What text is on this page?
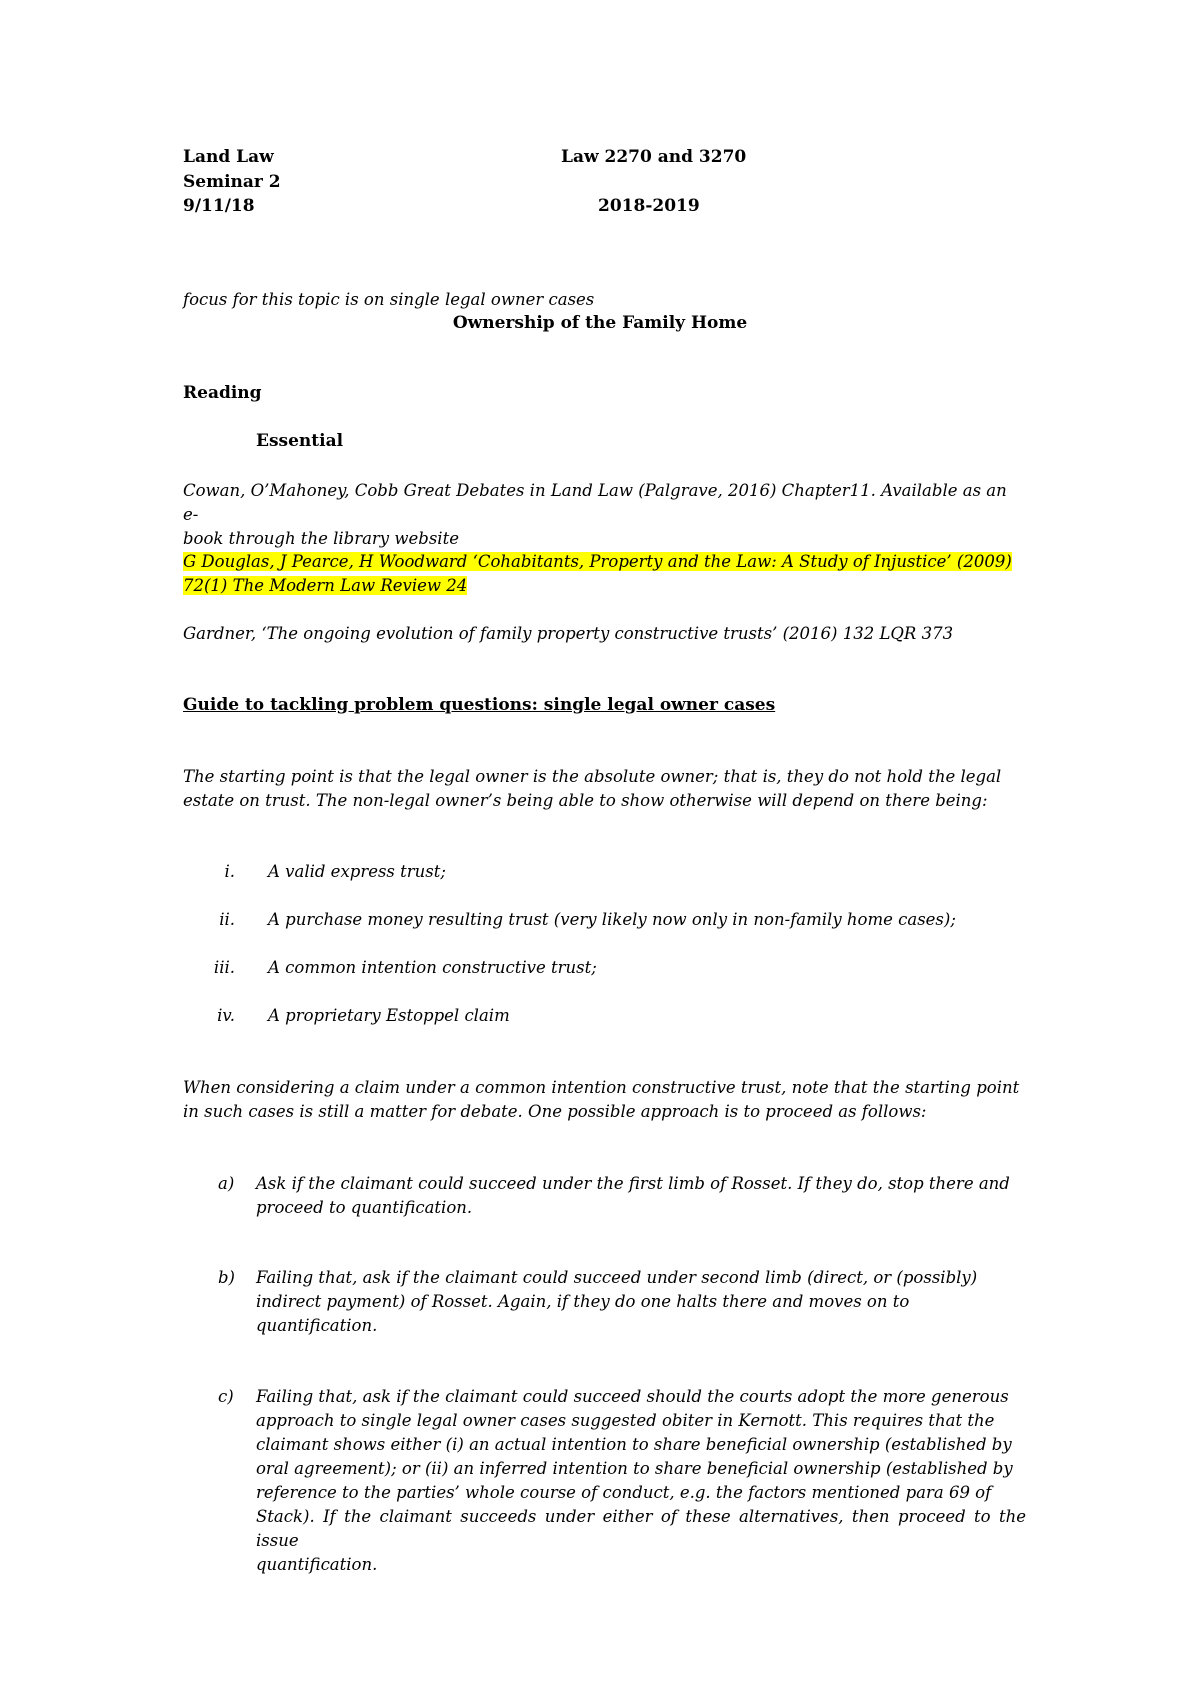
Land Law
Seminar 2
9/11/18
Law 2270 and 3270
2018-2019
focus for this topic is on single legal owner cases
Ownership of the Family Home
Reading
Essential
Cowan, O’Mahoney, Cobb Great Debates in Land Law (Palgrave, 2016) Chapter11. Available as an e-
book through the library website
G Douglas, J Pearce, H Woodward ‘Cohabitants, Property and the Law: A Study of Injustice’ (2009)
72(1) The Modern Law Review 24
Gardner, ‘The ongoing evolution of family property constructive trusts’ (2016) 132 LQR 373
Guide to tackling problem questions: single legal owner cases
The starting point is that the legal owner is the absolute owner; that is, they do not hold the legal
estate on trust. The non-legal owner’s being able to show otherwise will depend on there being:
i. A valid express trust;
ii. A purchase money resulting trust (very likely now only in non-family home cases);
iii. A common intention constructive trust;
iv. A proprietary Estoppel claim
When considering a claim under a common intention constructive trust, note that the starting point
in such cases is still a matter for debate. One possible approach is to proceed as follows:
a)	Ask if the claimant could succeed under the first limb of Rosset. If they do, stop there and
proceed to quantification.
b)	Failing that, ask if the claimant could succeed under second limb (direct, or (possibly)
indirect payment) of Rosset. Again, if they do one halts there and moves on to
quantification.
c)	Failing that, ask if the claimant could succeed should the courts adopt the more generous
approach to single legal owner cases suggested obiter in Kernott. This requires that the
claimant shows either (i) an actual intention to share beneficial ownership (established by
oral agreement); or (ii) an inferred intention to share beneficial ownership (established by
reference to the parties’ whole course of conduct, e.g. the factors mentioned para 69 of
Stack). If the claimant succeeds under either of these alternatives, then proceed to the issue
quantification.
